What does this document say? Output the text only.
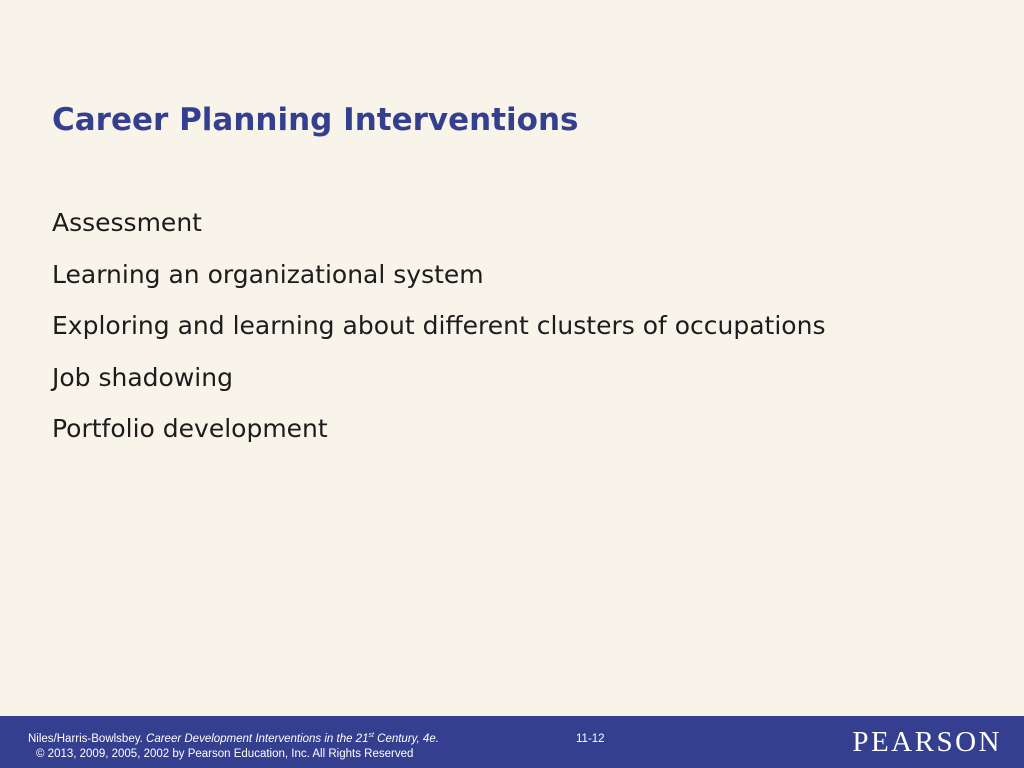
Career Planning Interventions
Assessment
Learning an organizational system
Exploring and learning about different clusters of occupations
Job shadowing
Portfolio development
Niles/Harris-Bowlsbey. Career Development Interventions in the 21st Century, 4e.
© 2013, 2009, 2005, 2002 by Pearson Education, Inc. All Rights Reserved
11-12	PEARSON
